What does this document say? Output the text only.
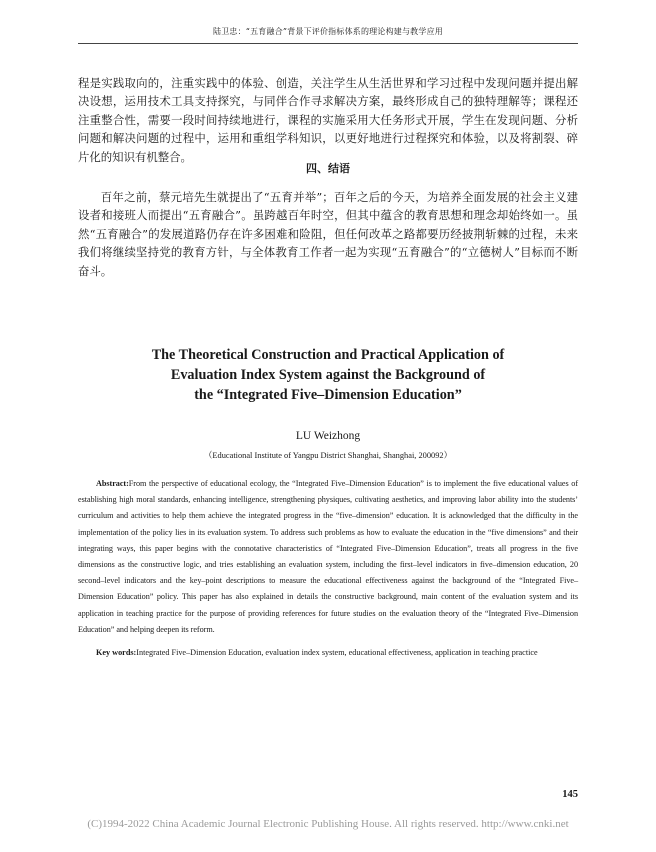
陆卫忠：“五育融合”背景下评价指标体系的理论构建与教学应用
程是实践取向的，注重实践中的体验、创造，关注学生从生活世界和学习过程中发现问题并提出解决设想，运用技术工具支持探究，与同伴合作寻求解决方案，最终形成自己的独特理解等；课程还注重整合性，需要一段时间持续地进行，课程的实施采用大任务形式开展，学生在发现问题、分析问题和解决问题的过程中，运用和重组学科知识，以更好地进行过程探究和体验，以及将割裂、碎片化的知识有机整合。
四、结语
百年之前，蔡元培先生就提出了“五育并举”；百年之后的今天，为培养全面发展的社会主义建设者和接班人而提出“五育融合”。虽跨越百年时空，但其中蕴含的教育思想和理念却始终如一。虽然“五育融合”的发展道路仍存在许多困难和险阻，但任何改革之路都要历经披荆斩棘的过程，未来我们将继续坚持党的教育方针，与全体教育工作者一起为实现“五育融合”的“立德树人”目标而不断奋斗。
The Theoretical Construction and Practical Application of
Evaluation Index System against the Background of
the “Integrated Five–Dimension Education”
LU Weizhong
（Educational Institute of Yangpu District Shanghai, Shanghai, 200092）
Abstract:From the perspective of educational ecology, the “Integrated Five–Dimension Education” is to implement the five educational values of establishing high moral standards, enhancing intelligence, strengthening physiques, cultivating aesthetics, and improving labor ability into the students’ curriculum and activities to help them achieve the integrated progress in the “five–dimension” education. It is acknowledged that the difficulty in the implementation of the policy lies in its evaluation system. To address such problems as how to evaluate the education in the “five dimensions” and their integrating ways, this paper begins with the connotative characteristics of “Integrated Five–Dimension Education”, treats all progress in the five dimensions as the constructive logic, and tries establishing an evaluation system, including the first–level indicators in five–dimension education, 20 second–level indicators and the key–point descriptions to measure the educational effectiveness against the background of the “Integrated Five–Dimension Education” policy. This paper has also explained in details the constructive background, main content of the evaluation system and its application in teaching practice for the purpose of providing references for future studies on the evaluation theory of the “Integrated Five–Dimension Education” and helping deepen its reform.
Key words:Integrated Five–Dimension Education, evaluation index system, educational effectiveness, application in teaching practice
145
(C)1994-2022 China Academic Journal Electronic Publishing House. All rights reserved. http://www.cnki.net
